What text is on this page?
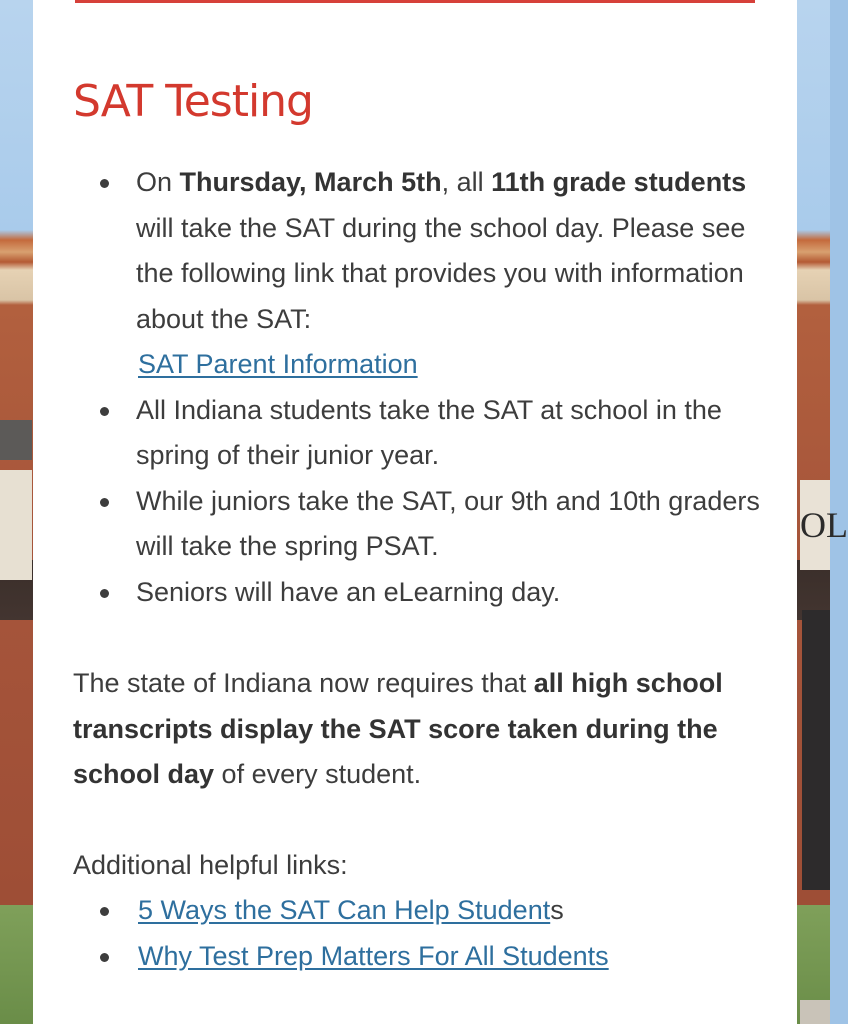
OL
SAT Testing
On Thursday, March 5th, all 11th grade students will take the SAT during the school day. Please see the following link that provides you with information about the SAT:
SAT Parent Information
All Indiana students take the SAT at school in the spring of their junior year.
While juniors take the SAT, our 9th and 10th graders will take the spring PSAT.
Seniors will have an eLearning day.

The state of Indiana now requires that all high school transcripts display the SAT score taken during the school day of every student.

Additional helpful links:

5 Ways the SAT Can Help Students
Why Test Prep Matters For All Students
